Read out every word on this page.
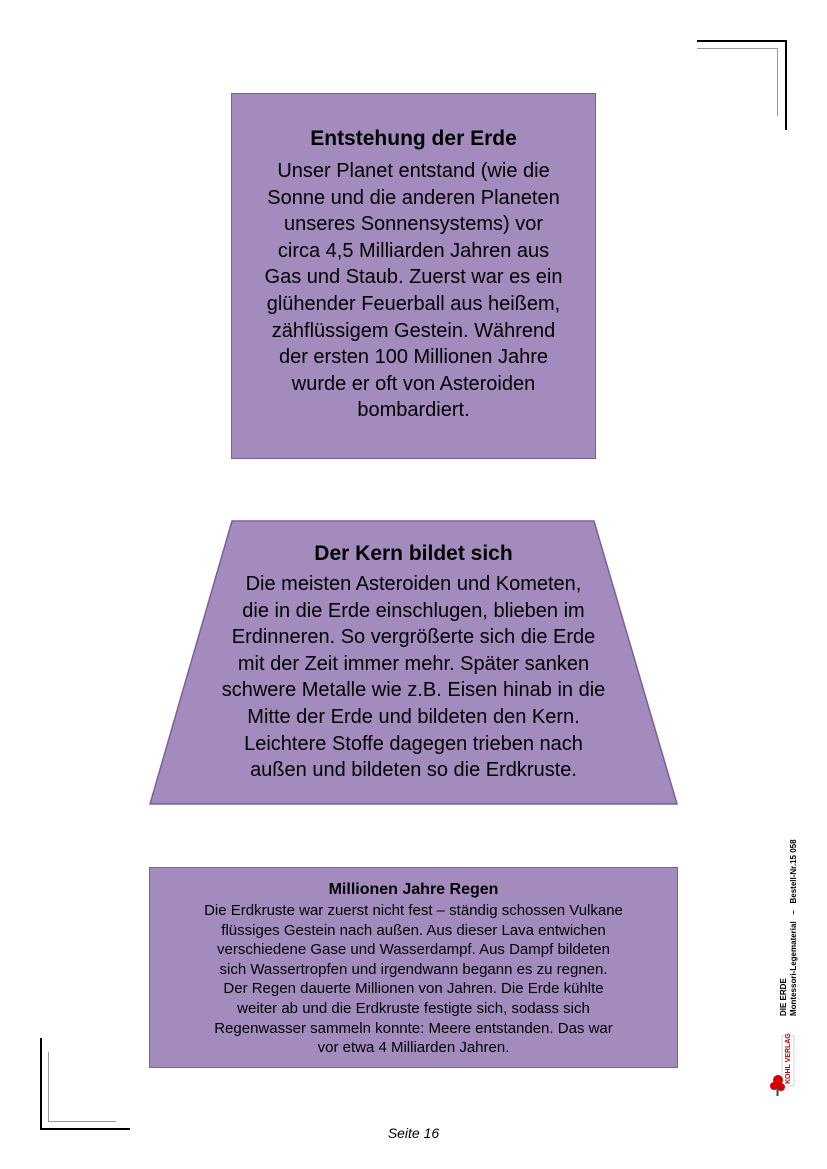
Entstehung der Erde
Unser Planet entstand (wie die
Sonne und die anderen Planeten
unseres Sonnensystems) vor
circa 4,5 Milliarden Jahren aus
Gas und Staub. Zuerst war es ein
glühender Feuerball aus heißem,
zähflüssigem Gestein. Während
der ersten 100 Millionen Jahre
wurde er oft von Asteroiden
bombardiert.
Der Kern bildet sich
Die meisten Asteroiden und Kometen,
die in die Erde einschlugen, blieben im
Erdinneren. So vergrößerte sich die Erde
mit der Zeit immer mehr. Später sanken
schwere Metalle wie z.B. Eisen hinab in die
Mitte der Erde und bildeten den Kern.
Leichtere Stoffe dagegen trieben nach
außen und bildeten so die Erdkruste.
Millionen Jahre Regen
Die Erdkruste war zuerst nicht fest – ständig schossen Vulkane
flüssiges Gestein nach außen. Aus dieser Lava entwichen
verschiedene Gase und Wasserdampf. Aus Dampf bildeten
sich Wassertropfen und irgendwann begann es zu regnen.
Der Regen dauerte Millionen von Jahren. Die Erde kühlte
weiter ab und die Erdkruste festigte sich, sodass sich
Regenwasser sammeln konnte: Meere entstanden. Das war
vor etwa 4 Milliarden Jahren.
DIE ERDE Montessori-Legematerial   –   Bestell-Nr.15 058
KOHL VERLAG
Seite 16
